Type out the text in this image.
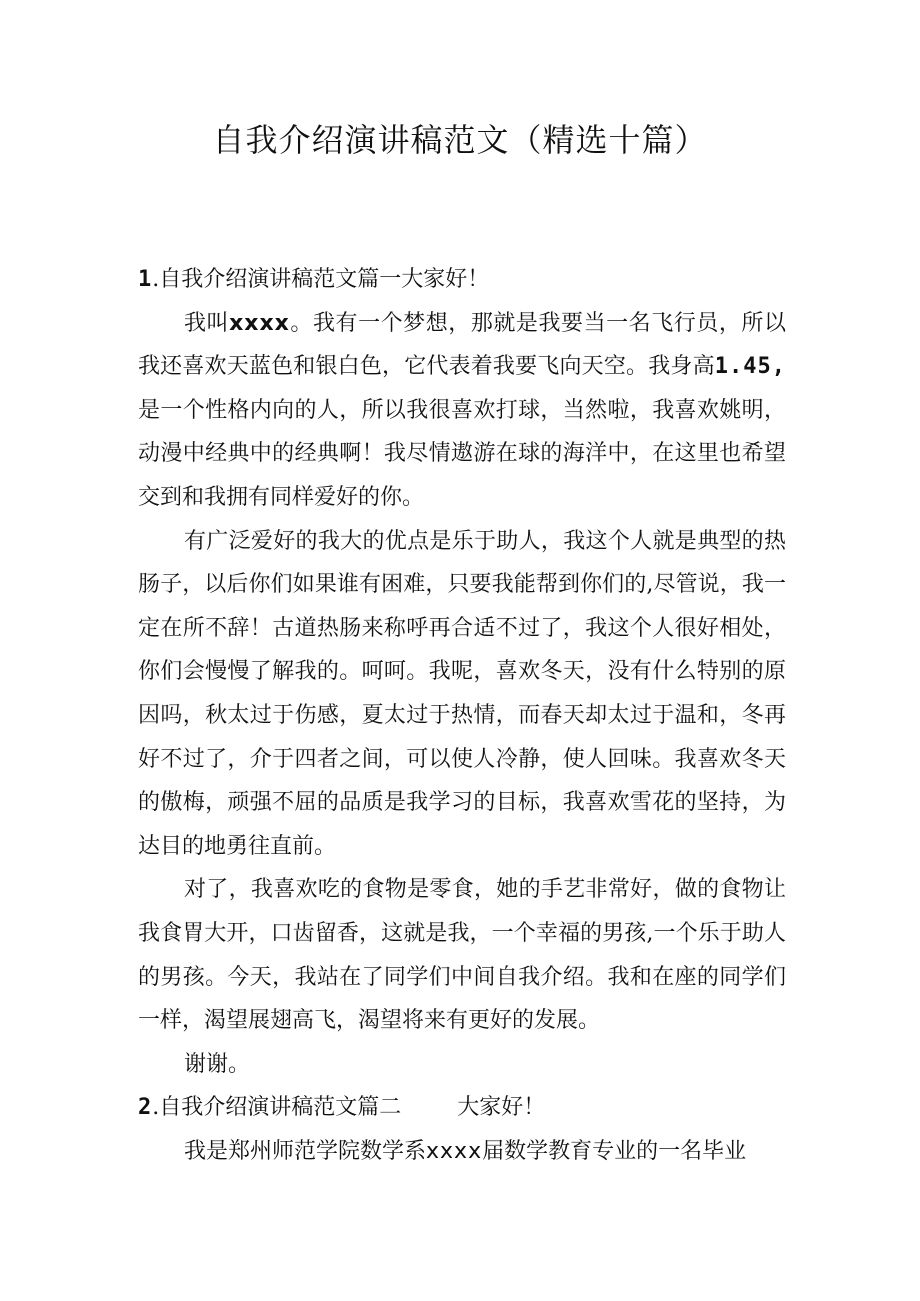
自我介绍演讲稿范文（精选十篇）

1.自我介绍演讲稿范文篇一大家好！

我叫xxxx。我有一个梦想，那就是我要当一名飞行员，所以我还喜欢天蓝色和银白色，它代表着我要飞向天空。我身高1.45,是一个性格内向的人，所以我很喜欢打球，当然啦，我喜欢姚明，动漫中经典中的经典啊！我尽情遨游在球的海洋中，在这里也希望交到和我拥有同样爱好的你。

有广泛爱好的我大的优点是乐于助人，我这个人就是典型的热肠子，以后你们如果谁有困难，只要我能帮到你们的,尽管说，我一定在所不辞！古道热肠来称呼再合适不过了，我这个人很好相处，你们会慢慢了解我的。呵呵。我呢，喜欢冬天，没有什么特别的原因吗，秋太过于伤感，夏太过于热情，而春天却太过于温和，冬再好不过了，介于四者之间，可以使人冷静，使人回味。我喜欢冬天的傲梅，顽强不屈的品质是我学习的目标，我喜欢雪花的坚持，为达目的地勇往直前。

对了，我喜欢吃的食物是零食，她的手艺非常好，做的食物让我食胃大开，口齿留香，这就是我，一个幸福的男孩,一个乐于助人的男孩。今天，我站在了同学们中间自我介绍。我和在座的同学们一样，渴望展翅高飞，渴望将来有更好的发展。

谢谢。

2.自我介绍演讲稿范文篇二	大家好！

我是郑州师范学院数学系xxxx届数学教育专业的一名毕业
